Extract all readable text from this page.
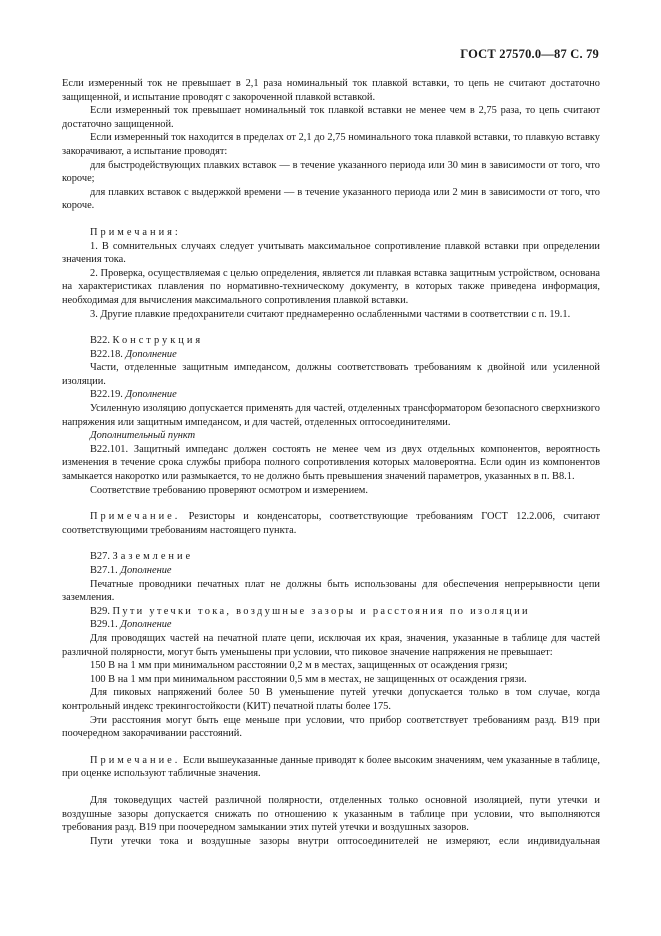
ГОСТ 27570.0—87 С. 79

Если измеренный ток не превышает в 2,1 раза номинальный ток плавкой вставки, то цепь не считают достаточно защищенной, и испытание проводят с закороченной плавкой вставкой.

Если измеренный ток превышает номинальный ток плавкой вставки не менее чем в 2,75 раза, то цепь считают достаточно защищенной.

Если измеренный ток находится в пределах от 2,1 до 2,75 номинального тока плавкой вставки, то плавкую вставку закорачивают, а испытание проводят:

для быстродействующих плавких вставок — в течение указанного периода или 30 мин в зависимости от того, что короче;

для плавких вставок с выдержкой времени — в течение указанного периода или 2 мин в зависимости от того, что короче.

Примечания:

1. В сомнительных случаях следует учитывать максимальное сопротивление плавкой вставки при определении значения тока.

2. Проверка, осуществляемая с целью определения, является ли плавкая вставка защитным устройством, основана на характеристиках плавления по нормативно-техническому документу, в которых также приведена информация, необходимая для вычисления максимального сопротивления плавкой вставки.

3. Другие плавкие предохранители считают преднамеренно ослабленными частями в соответствии с п. 19.1.

B22. Конструкция

B22.18. Дополнение

Части, отделенные защитным импедансом, должны соответствовать требованиям к двойной или усиленной изоляции.

B22.19. Дополнение

Усиленную изоляцию допускается применять для частей, отделенных трансформатором безопасного сверхнизкого напряжения или защитным импедансом, и для частей, отделенных оптосоединителями.

Дополнительный пункт

B22.101. Защитный импеданс должен состоять не менее чем из двух отдельных компонентов, вероятность изменения в течение срока службы прибора полного сопротивления которых маловероятна. Если один из компонентов замыкается накоротко или размыкается, то не должно быть превышения значений параметров, указанных в п. B8.1.

Соответствие требованию проверяют осмотром и измерением.

Примечание. Резисторы и конденсаторы, соответствующие требованиям ГОСТ 12.2.006, считают соответствующими требованиям настоящего пункта.

B27. Заземление

B27.1. Дополнение

Печатные проводники печатных плат не должны быть использованы для обеспечения непрерывности цепи заземления.

B29. Пути утечки тока, воздушные зазоры и расстояния по изоляции

B29.1. Дополнение

Для проводящих частей на печатной плате цепи, исключая их края, значения, указанные в таблице для частей различной полярности, могут быть уменьшены при условии, что пиковое значение напряжения не превышает:

150 В на 1 мм при минимальном расстоянии 0,2 м в местах, защищенных от осаждения грязи;

100 В на 1 мм при минимальном расстоянии 0,5 мм в местах, не защищенных от осаждения грязи.

Для пиковых напряжений более 50 В уменьшение путей утечки допускается только в том случае, когда контрольный индекс трекингостойкости (КИТ) печатной платы более 175.

Эти расстояния могут быть еще меньше при условии, что прибор соответствует требованиям разд. B19 при поочередном закорачивании расстояний.

Примечание. Если вышеуказанные данные приводят к более высоким значениям, чем указанные в таблице, при оценке используют табличные значения.

Для токоведущих частей различной полярности, отделенных только основной изоляцией, пути утечки и воздушные зазоры допускается снижать по отношению к указанным в таблице при условии, что выполняются требования разд. B19 при поочередном замыкании этих путей утечки и воздушных зазоров.

Пути утечки тока и воздушные зазоры внутри оптосоединителей не измеряют, если индивидуальная
